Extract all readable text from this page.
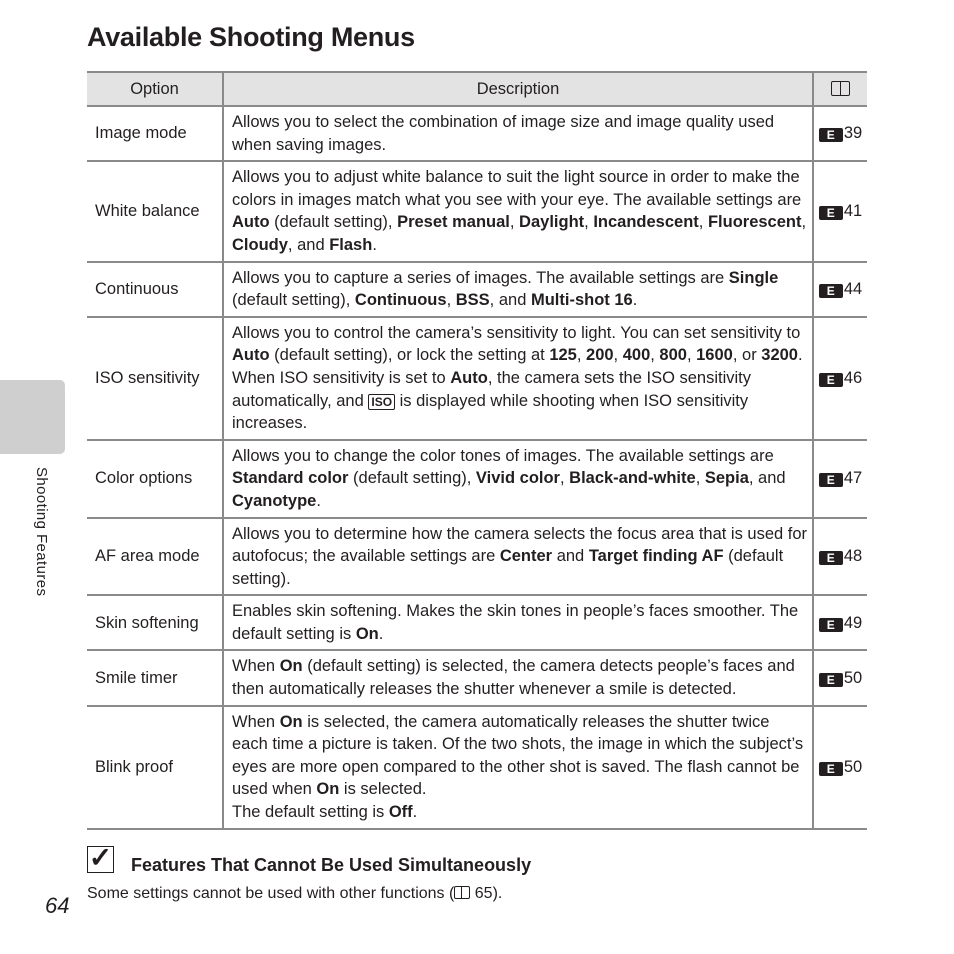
Shooting Features
Available Shooting Menus
Option	Description	
Image mode	Allows you to select the combination of image size and image quality used when saving images.	E 39
White balance	Allows you to adjust white balance to suit the light source in order to make the colors in images match what you see with your eye. The available settings are Auto (default setting), Preset manual, Daylight, Incandescent, Fluorescent, Cloudy, and Flash.	E 41
Continuous	Allows you to capture a series of images. The available settings are Single (default setting), Continuous, BSS, and Multi-shot 16.	E 44
ISO sensitivity	Allows you to control the camera’s sensitivity to light. You can set sensitivity to Auto (default setting), or lock the setting at 125, 200, 400, 800, 1600, or 3200. When ISO sensitivity is set to Auto, the camera sets the ISO sensitivity automatically, and ISO is displayed while shooting when ISO sensitivity increases.	E 46
Color options	Allows you to change the color tones of images. The available settings are Standard color (default setting), Vivid color, Black-and-white, Sepia, and Cyanotype.	E 47
AF area mode	Allows you to determine how the camera selects the focus area that is used for autofocus; the available settings are Center and Target finding AF (default setting).	E 48
Skin softening	Enables skin softening. Makes the skin tones in people’s faces smoother. The default setting is On.	E 49
Smile timer	When On (default setting) is selected, the camera detects people’s faces and then automatically releases the shutter whenever a smile is detected.	E 50
Blink proof	When On is selected, the camera automatically releases the shutter twice each time a picture is taken. Of the two shots, the image in which the subject’s eyes are more open compared to the other shot is saved. The flash cannot be used when On is selected.
The default setting is Off.	E 50
✓ Features That Cannot Be Used Simultaneously
Some settings cannot be used with other functions ( 65).
64
